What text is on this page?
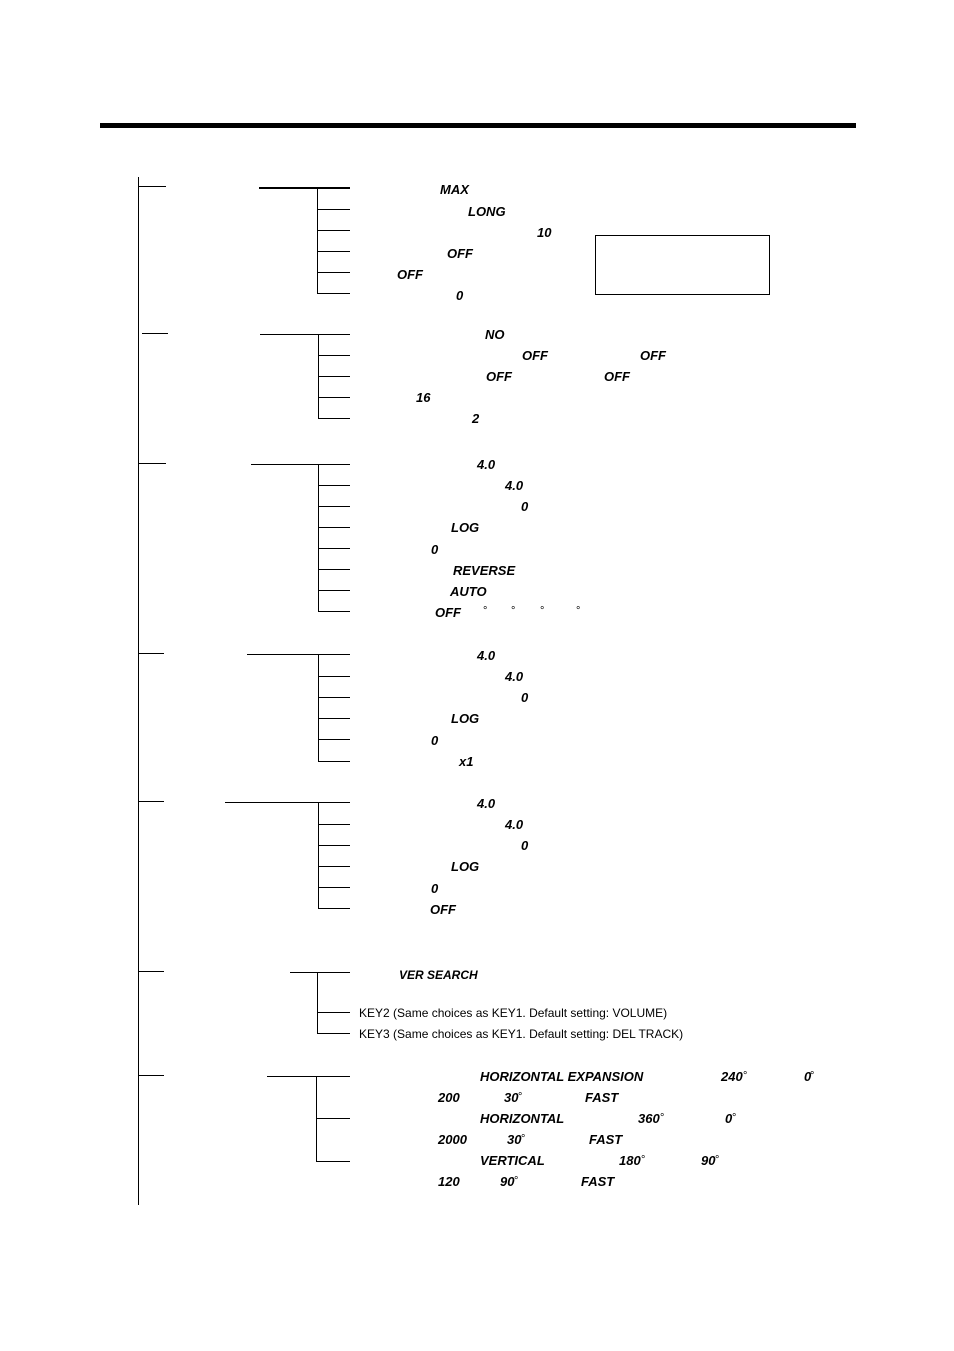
MAX
LONG
10
OFF
OFF
0
NO
OFF	OFF
OFF	OFF
16
2
4.0
4.0
0
LOG
0
REVERSE
AUTO
OFF ° ° °	°
4.0
4.0
0
LOG
0
x1
4.0
4.0
0
LOG
0
OFF
VER SEARCH
KEY2 (Same choices as KEY1. Default setting: VOLUME)
KEY3 (Same choices as KEY1. Default setting: DEL TRACK)
HORIZONTAL EXPANSION	240 °	0
°
200	30 °	FAST
HORIZONTAL	360 °	0 °
2000	30 °	FAST
VERTICAL	180 °	90 °
120	90 °	FAST
